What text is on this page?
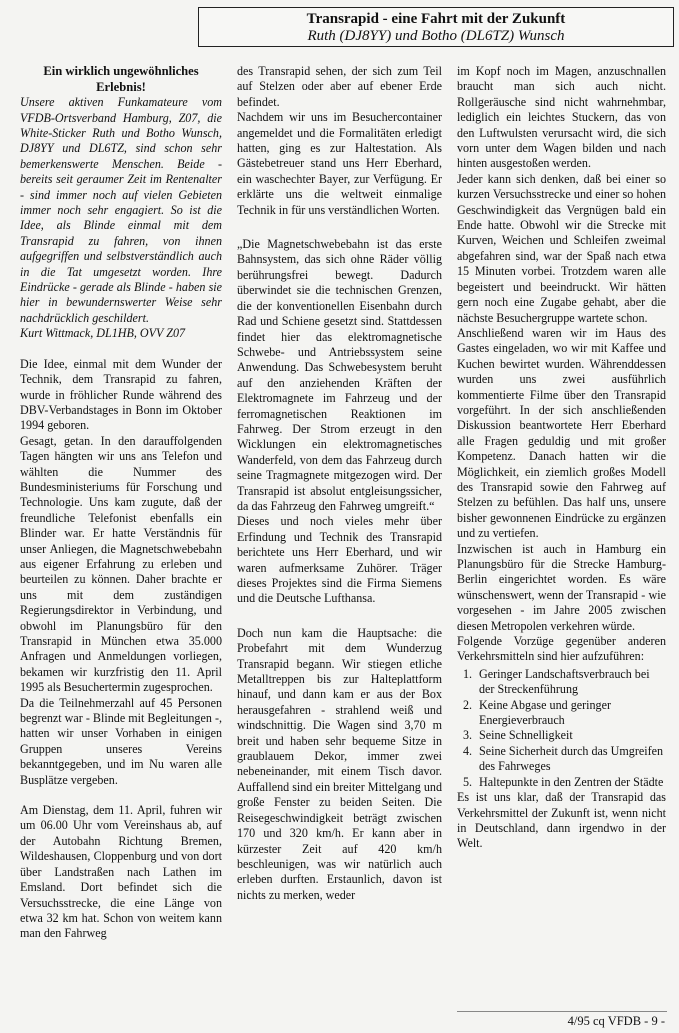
Transrapid - eine Fahrt mit der Zukunft
Ruth (DJ8YY) und Botho (DL6TZ) Wunsch

Ein wirklich ungewöhnliches

Erlebnis!

Unsere aktiven Funkamateure vom VFDB-Ortsverband Hamburg, Z07, die White-Sticker Ruth und Botho Wunsch, DJ8YY und DL6TZ, sind schon sehr bemerkenswerte Menschen. Beide - bereits seit geraumer Zeit im Rentenalter - sind immer noch auf vielen Gebieten immer noch sehr engagiert. So ist die Idee, als Blinde einmal mit dem Transrapid zu fahren, von ihnen aufgegriffen und selbstverständlich auch in die Tat umgesetzt worden. Ihre Eindrücke - gerade als Blinde - haben sie hier in bewundernswerter Weise sehr nachdrücklich geschildert.

Kurt Wittmack, DL1HB, OVV Z07

Die Idee, einmal mit dem Wunder der Technik, dem Transrapid zu fahren, wurde in fröhlicher Runde während des DBV-Verbandstages in Bonn im Oktober 1994 geboren.

Gesagt, getan. In den darauffolgenden Tagen hängten wir uns ans Telefon und wählten die Nummer des Bundesministeriums für Forschung und Technologie. Uns kam zugute, daß der freundliche Telefonist ebenfalls ein Blinder war. Er hatte Verständnis für unser Anliegen, die Magnetschwebebahn aus eigener Erfahrung zu erleben und beurteilen zu können. Daher brachte er uns mit dem zuständigen Regierungsdirektor in Verbindung, und obwohl im Planungsbüro für den Transrapid in München etwa 35.000 Anfragen und Anmeldungen vorliegen, bekamen wir kurzfristig den 11. April 1995 als Besuchertermin zugesprochen.

Da die Teilnehmerzahl auf 45 Personen begrenzt war - Blinde mit Begleitungen -, hatten wir unser Vorhaben in einigen Gruppen unseres Vereins bekanntgegeben, und im Nu waren alle Busplätze vergeben.

Am Dienstag, dem 11. April, fuhren wir um 06.00 Uhr vom Vereinshaus ab, auf der Autobahn Richtung Bremen, Wildeshausen, Cloppenburg und von dort über Landstraßen nach Lathen im Emsland. Dort befindet sich die Versuchsstrecke, die eine Länge von etwa 32 km hat. Schon von weitem kann man den Fahrweg

des Transrapid sehen, der sich zum Teil auf Stelzen oder aber auf ebener Erde befindet.

Nachdem wir uns im Besuchercontainer angemeldet und die Formalitäten erledigt hatten, ging es zur Haltestation. Als Gästebetreuer stand uns Herr Eberhard, ein waschechter Bayer, zur Verfügung. Er erklärte uns die weltweit einmalige Technik in für uns verständlichen Worten.

„Die Magnetschwebebahn ist das erste Bahnsystem, das sich ohne Räder völlig berührungsfrei bewegt. Dadurch überwindet sie die technischen Grenzen, die der konventionellen Eisenbahn durch Rad und Schiene gesetzt sind. Stattdessen findet hier das elektromagnetische Schwebe- und Antriebssystem seine Anwendung. Das Schwebesystem beruht auf den anziehenden Kräften der Elektromagnete im Fahrzeug und der ferromagnetischen Reaktionen im Fahrweg. Der Strom erzeugt in den Wicklungen ein elektromagnetisches Wanderfeld, von dem das Fahrzeug durch seine Tragmagnete mitgezogen wird. Der Transrapid ist absolut entgleisungssicher, da das Fahrzeug den Fahrweg umgreift.“

Dieses und noch vieles mehr über Erfindung und Technik des Transrapid berichtete uns Herr Eberhard, und wir waren aufmerksame Zuhörer. Träger dieses Projektes sind die Firma Siemens und die Deutsche Lufthansa.

Doch nun kam die Hauptsache: die Probefahrt mit dem Wunderzug Transrapid begann. Wir stiegen etliche Metalltreppen bis zur Halteplattform hinauf, und dann kam er aus der Box herausgefahren - strahlend weiß und windschnittig. Die Wagen sind 3,70 m breit und haben sehr bequeme Sitze in graublauem Dekor, immer zwei nebeneinander, mit einem Tisch davor. Auffallend sind ein breiter Mittelgang und große Fenster zu beiden Seiten. Die Reisegeschwindigkeit beträgt zwischen 170 und 320 km/h. Er kann aber in kürzester Zeit auf 420 km/h beschleunigen, was wir natürlich auch erleben durften. Erstaunlich, davon ist nichts zu merken, weder

im Kopf noch im Magen, anzuschnallen braucht man sich auch nicht. Rollgeräusche sind nicht wahrnehmbar, lediglich ein leichtes Stuckern, das von den Luftwulsten verursacht wird, die sich vorn unter dem Wagen bilden und nach hinten ausgestoßen werden.

Jeder kann sich denken, daß bei einer so kurzen Versuchsstrecke und einer so hohen Geschwindigkeit das Vergnügen bald ein Ende hatte. Obwohl wir die Strecke mit Kurven, Weichen und Schleifen zweimal abgefahren sind, war der Spaß nach etwa 15 Minuten vorbei. Trotzdem waren alle begeistert und beeindruckt. Wir hätten gern noch eine Zugabe gehabt, aber die nächste Besuchergruppe wartete schon.

Anschließend waren wir im Haus des Gastes eingeladen, wo wir mit Kaffee und Kuchen bewirtet wurden. Währenddessen wurden uns zwei ausführlich kommentierte Filme über den Transrapid vorgeführt. In der sich anschließenden Diskussion beantwortete Herr Eberhard alle Fragen geduldig und mit großer Kompetenz. Danach hatten wir die Möglichkeit, ein ziemlich großes Modell des Transrapid sowie den Fahrweg auf Stelzen zu befühlen. Das half uns, unsere bisher gewonnenen Eindrücke zu ergänzen und zu vertiefen.

Inzwischen ist auch in Hamburg ein Planungsbüro für die Strecke Hamburg-Berlin eingerichtet worden. Es wäre wünschenswert, wenn der Transrapid - wie vorgesehen - im Jahre 2005 zwischen diesen Metropolen verkehren würde.

Folgende Vorzüge gegenüber anderen Verkehrsmitteln sind hier aufzuführen:

1. Geringer Landschaftsverbrauch bei der Streckenführung
2. Keine Abgase und geringer Energieverbrauch
3. Seine Schnelligkeit
4. Seine Sicherheit durch das Umgreifen des Fahrweges
5. Haltepunkte in den Zentren der Städte

Es ist uns klar, daß der Transrapid das Verkehrsmittel der Zukunft ist, wenn nicht in Deutschland, dann irgendwo in der Welt.

4/95 cq VFDB - 9 -
